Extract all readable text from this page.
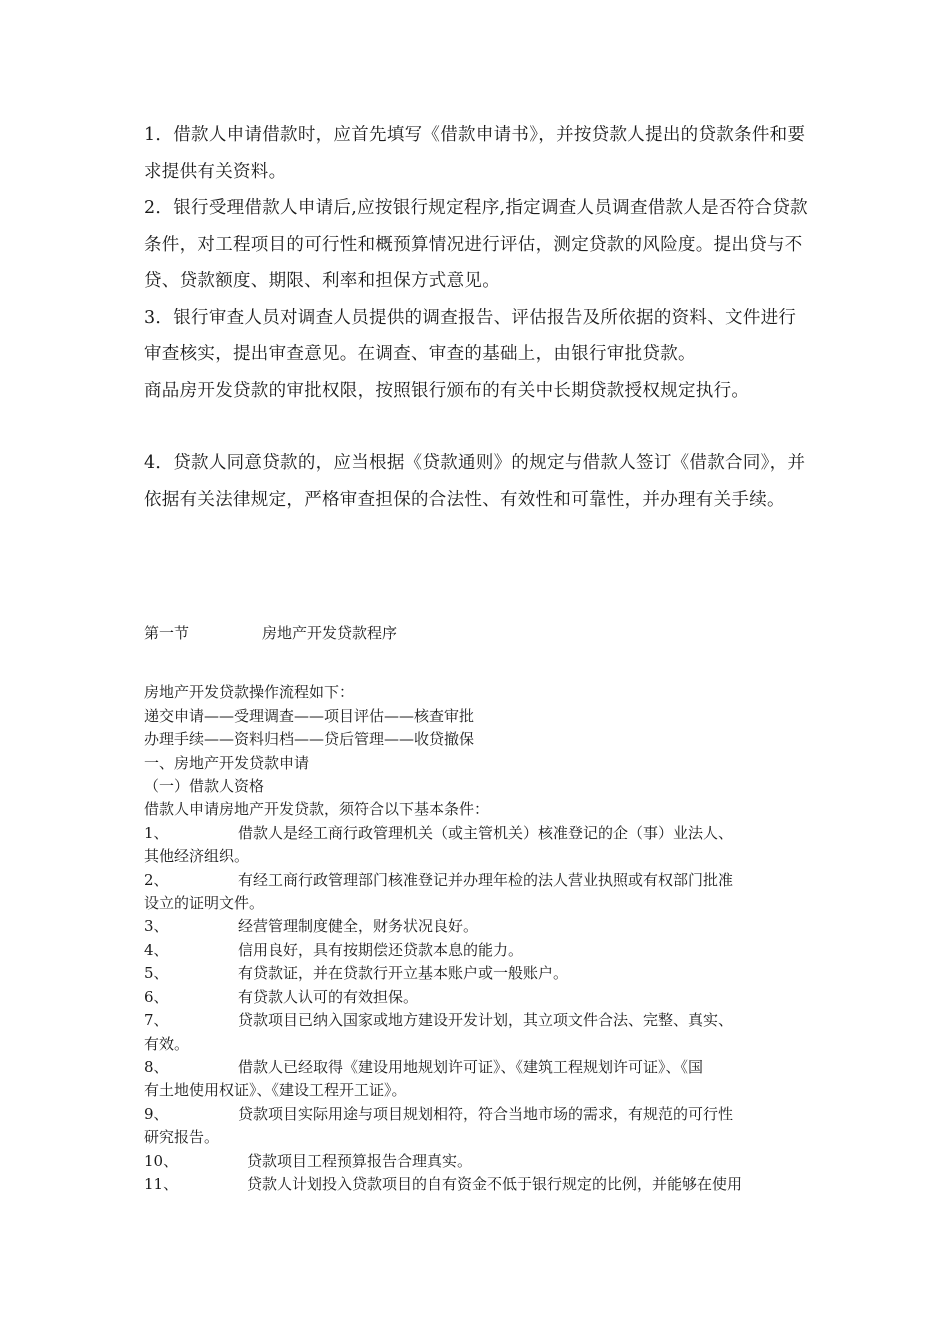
1．借款人申请借款时，应首先填写《借款申请书》，并按贷款人提出的贷款条件和要求提供有关资料。

2．银行受理借款人申请后,应按银行规定程序,指定调查人员调查借款人是否符合贷款条件，对工程项目的可行性和概预算情况进行评估，测定贷款的风险度。提出贷与不贷、贷款额度、期限、利率和担保方式意见。

3．银行审查人员对调查人员提供的调查报告、评估报告及所依据的资料、文件进行审查核实，提出审查意见。在调查、审查的基础上，由银行审批贷款。

商品房开发贷款的审批权限，按照银行颁布的有关中长期贷款授权规定执行。

4．贷款人同意贷款的，应当根据《贷款通则》的规定与借款人签订《借款合同》，并依据有关法律规定，严格审查担保的合法性、有效性和可靠性，并办理有关手续。

第一节	房地产开发贷款程序

房地产开发贷款操作流程如下：

递交申请——受理调查——项目评估——核查审批

办理手续——资料归档——贷后管理——收贷撤保

一、房地产开发贷款申请

（一）借款人资格

借款人申请房地产开发贷款，须符合以下基本条件：

1、	借款人是经工商行政管理机关（或主管机关）核准登记的企（事）业法人、

其他经济组织。

2、	有经工商行政管理部门核准登记并办理年检的法人营业执照或有权部门批准

设立的证明文件。

3、	经营管理制度健全，财务状况良好。
4、	信用良好，具有按期偿还贷款本息的能力。
5、	有贷款证，并在贷款行开立基本账户或一般账户。
6、	有贷款人认可的有效担保。
7、	贷款项目已纳入国家或地方建设开发计划，其立项文件合法、完整、真实、

有效。

8、	借款人已经取得《建设用地规划许可证》、《建筑工程规划许可证》、《国

有土地使用权证》、《建设工程开工证》。

9、	贷款项目实际用途与项目规划相符，符合当地市场的需求，有规范的可行性

研究报告。

10、	贷款项目工程预算报告合理真实。
11、	贷款人计划投入贷款项目的自有资金不低于银行规定的比例，并能够在使用
